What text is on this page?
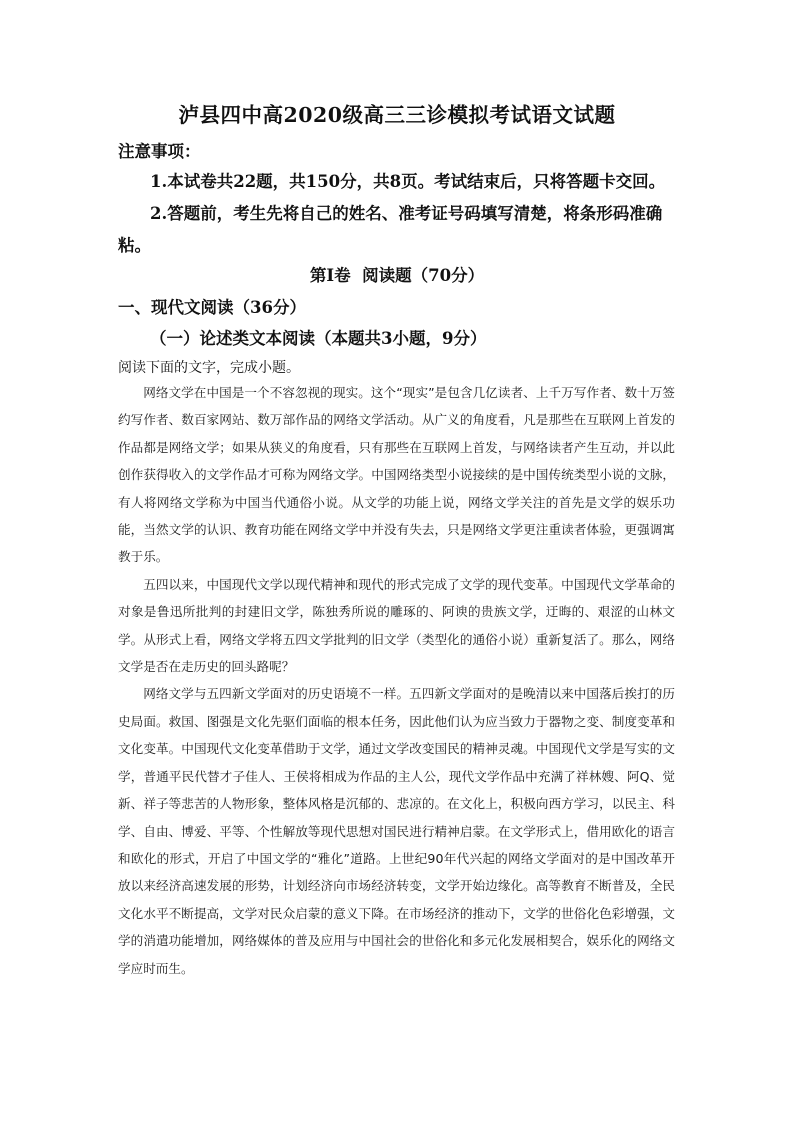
泸县四中高2020级高三三诊模拟考试语文试题
注意事项：
1.本试卷共22题，共150分，共8页。考试结束后，只将答题卡交回。
2.答题前，考生先将自己的姓名、准考证号码填写清楚，将条形码准确粘。
第I卷  阅读题（70分）
一、现代文阅读（36分）
（一）论述类文本阅读（本题共3小题，9分）
阅读下面的文字，完成小题。

网络文学在中国是一个不容忽视的现实。这个“现实”是包含几亿读者、上千万写作者、数十万签约写作者、数百家网站、数万部作品的网络文学活动。从广义的角度看，凡是那些在互联网上首发的作品都是网络文学；如果从狭义的角度看，只有那些在互联网上首发，与网络读者产生互动，并以此创作获得收入的文学作品才可称为网络文学。中国网络类型小说接续的是中国传统类型小说的文脉，有人将网络文学称为中国当代通俗小说。从文学的功能上说，网络文学关注的首先是文学的娱乐功能，当然文学的认识、教育功能在网络文学中并没有失去，只是网络文学更注重读者体验，更强调寓教于乐。

五四以来，中国现代文学以现代精神和现代的形式完成了文学的现代变革。中国现代文学革命的对象是鲁迅所批判的封建旧文学，陈独秀所说的雕琢的、阿谀的贵族文学，迂晦的、艰涩的山林文学。从形式上看，网络文学将五四文学批判的旧文学（类型化的通俗小说）重新复活了。那么，网络文学是否在走历史的回头路呢？

网络文学与五四新文学面对的历史语境不一样。五四新文学面对的是晚清以来中国落后挨打的历史局面。救国、图强是文化先驱们面临的根本任务，因此他们认为应当致力于器物之变、制度变革和文化变革。中国现代文化变革借助于文学，通过文学改变国民的精神灵魂。中国现代文学是写实的文学，普通平民代替才子佳人、王侯将相成为作品的主人公，现代文学作品中充满了祥林嫂、阿Q、觉新、祥子等悲苦的人物形象，整体风格是沉郁的、悲凉的。在文化上，积极向西方学习，以民主、科学、自由、博爱、平等、个性解放等现代思想对国民进行精神启蒙。在文学形式上，借用欧化的语言和欧化的形式，开启了中国文学的“雅化”道路。上世纪90年代兴起的网络文学面对的是中国改革开放以来经济高速发展的形势，计划经济向市场经济转变，文学开始边缘化。高等教育不断普及，全民文化水平不断提高，文学对民众启蒙的意义下降。在市场经济的推动下，文学的世俗化色彩增强，文学的消遣功能增加，网络媒体的普及应用与中国社会的世俗化和多元化发展相契合，娱乐化的网络文学应时而生。
